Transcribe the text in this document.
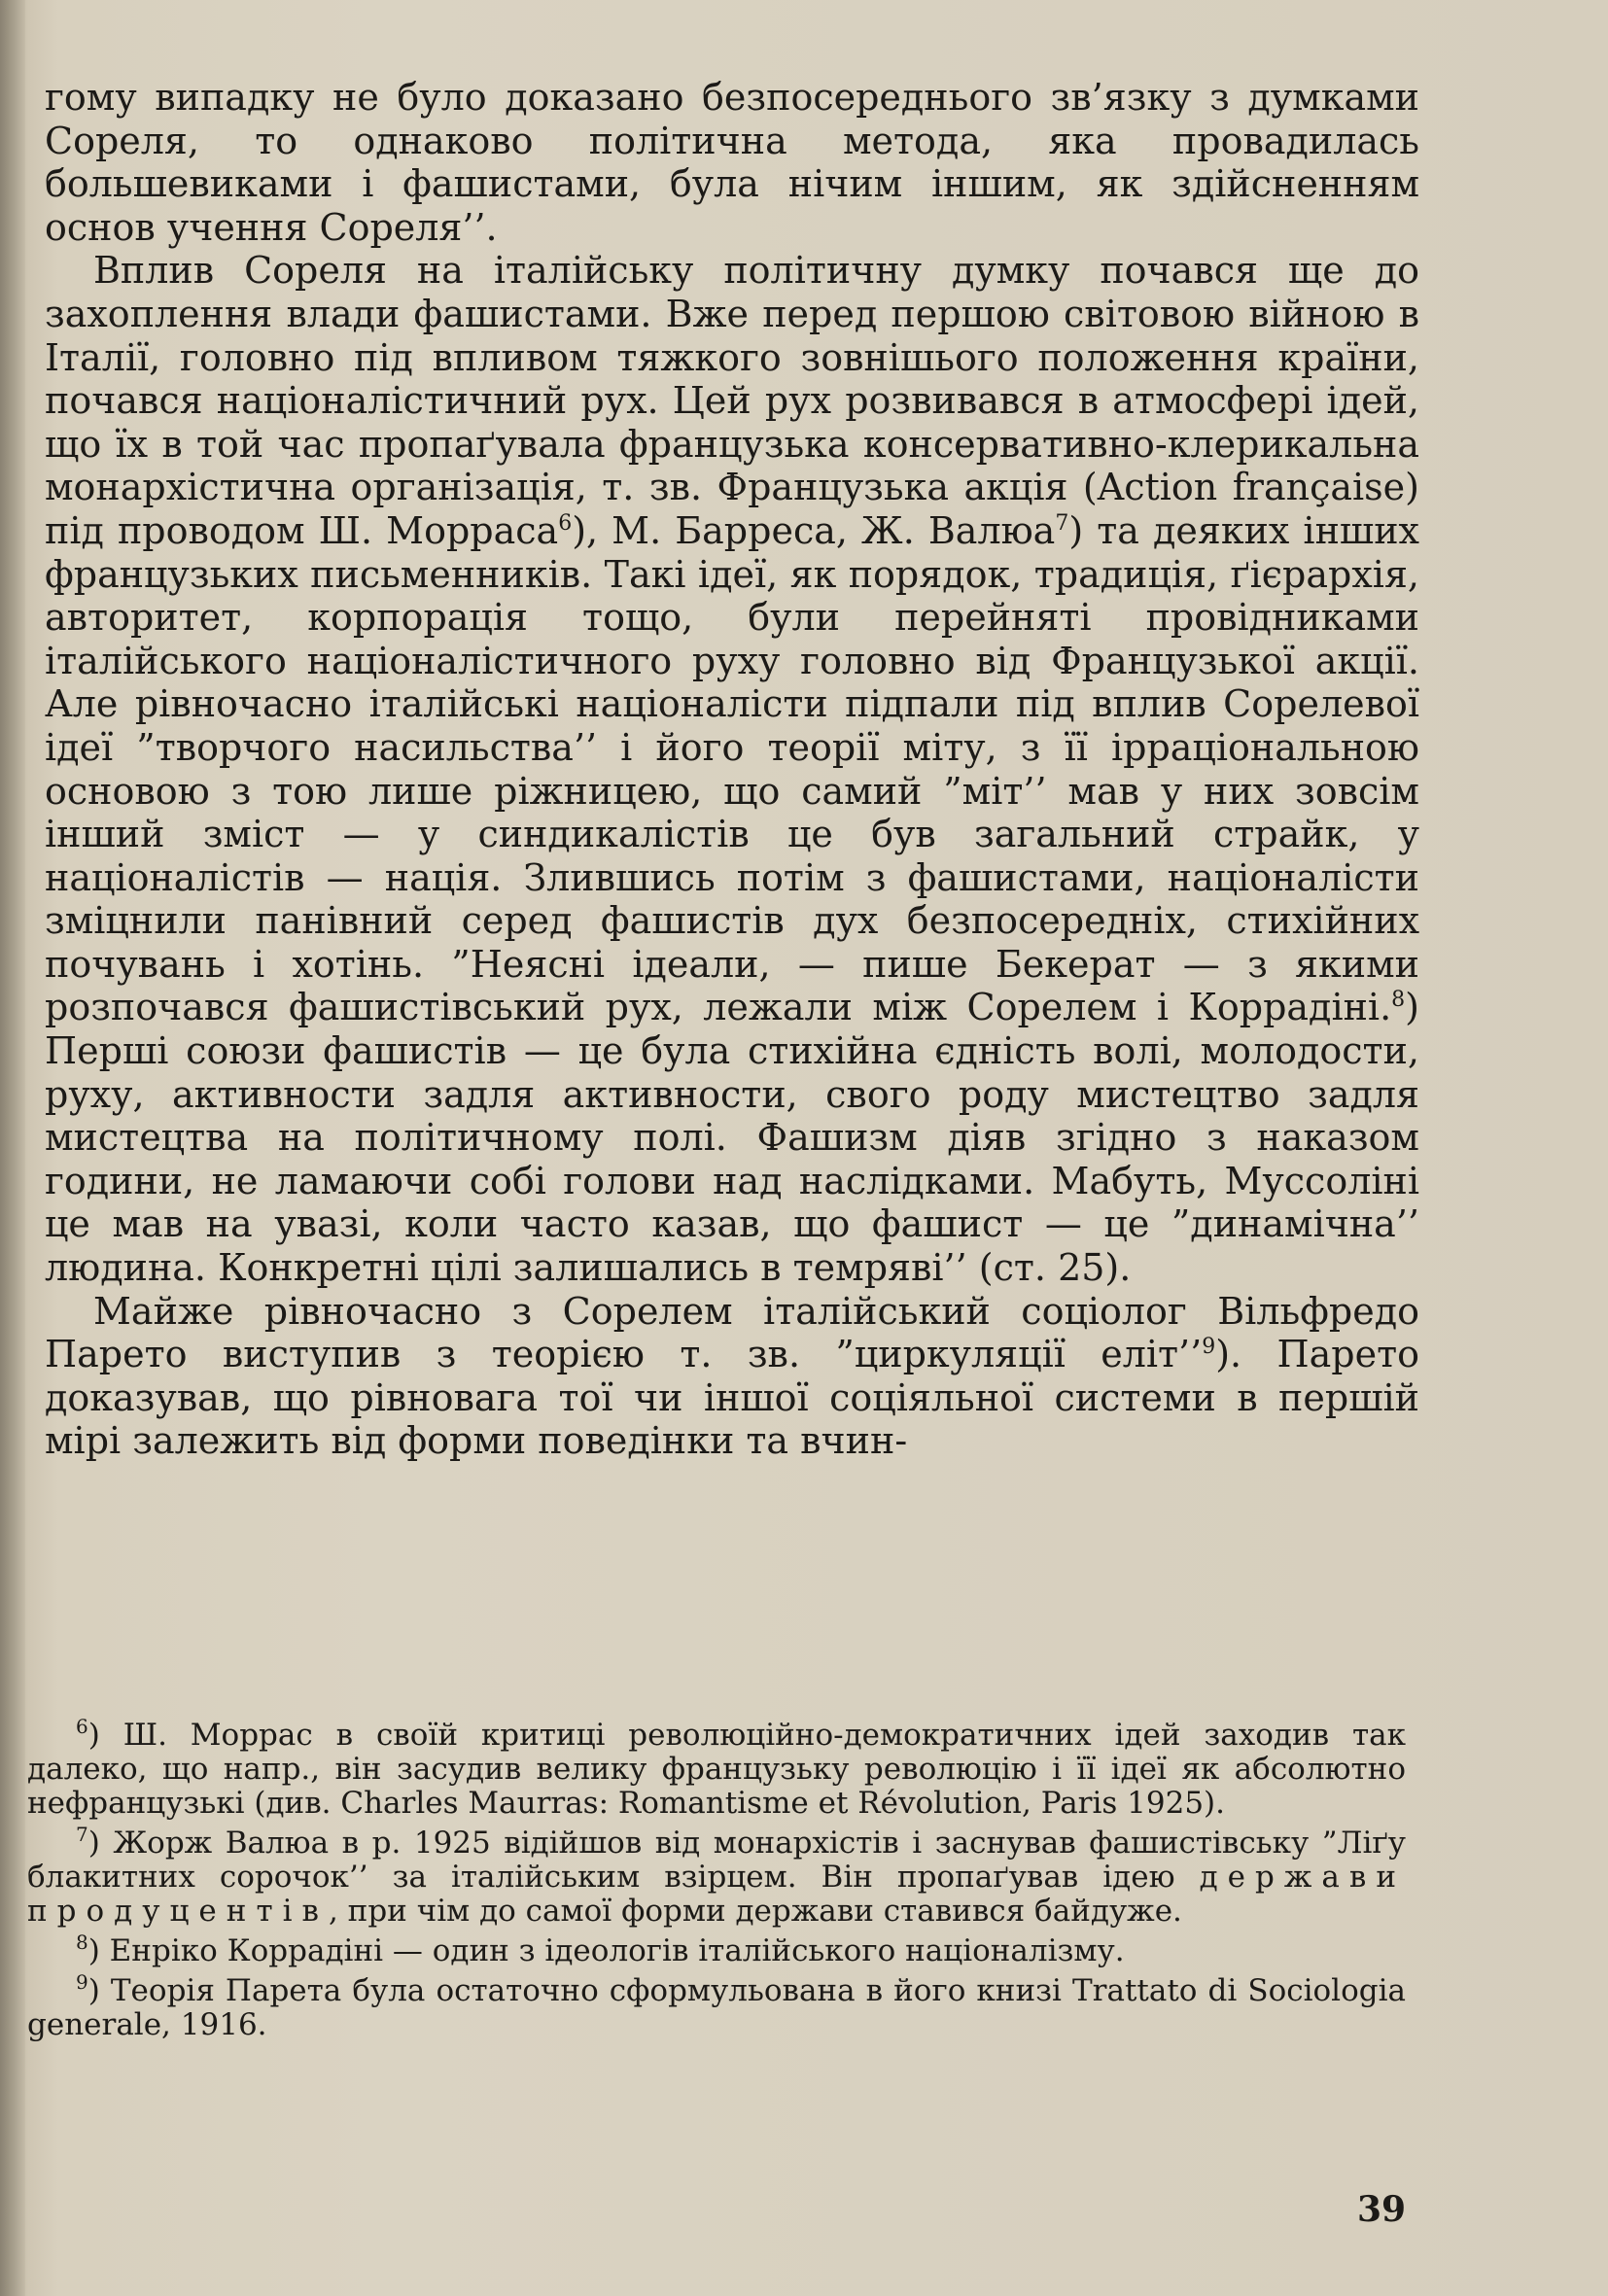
гому випадку не було доказано безпосереднього зв’язку з думками Сореля, то однаково політична метода, яка провадилась большевиками і фашистами, була нічим іншим, як здійсненням основ учення Сореля’’.

Вплив Сореля на італійську політичну думку почався ще до захоплення влади фашистами. Вже перед першою світовою війною в Італії, головно під впливом тяжкого зовнішього положення країни, почався націоналістичний рух. Цей рух розвивався в атмосфері ідей, що їх в той час пропаґувала французька консервативно-клерикальна монархістична організація, т. зв. Французька акція (Action française) під проводом Ш. Морраса$^6$), М. Барреса, Ж. Валюа$^7$) та деяких інших французьких письменників. Такі ідеї, як порядок, традиція, ґієрархія, авторитет, корпорація тощо, були перейняті провідниками італійського націоналістичного руху головно від Французької акції. Але рівночасно італійські націоналісти підпали під вплив Сорелевої ідеї ”творчого насильства’’ і його теорії міту, з її ірраціональною основою з тою лише ріжницею, що самий ”міт’’ мав у них зовсім інший зміст — у синдикалістів це був загальний страйк, у націоналістів — нація. Злившись потім з фашистами, націоналісти зміцнили панівний серед фашистів дух безпосередніх, стихійних почувань і хотінь. ”Неясні ідеали, — пише Бекерат — з якими розпочався фашистівський рух, лежали між Сорелем і Коррадіні.$^8$) Перші союзи фашистів — це була стихійна єдність волі, молодости, руху, активности задля активности, свого роду мистецтво задля мистецтва на політичному полі. Фашизм діяв згідно з наказом години, не ламаючи собі голови над наслідками. Мабуть, Муссоліні це мав на увазі, коли часто казав, що фашист — це ”динамічна’’ людина. Конкретні цілі залишались в темряві’’ (ст. 25).

Майже рівночасно з Сорелем італійський соціолог Вільфредо Парето виступив з теорією т. зв. ”циркуляції еліт’’$^9$). Парето доказував, що рівновага тої чи іншої соціяльної системи в першій мірі залежить від форми поведінки та вчин-

$^6$) Ш. Моррас в своїй критиці революційно-демократичних ідей заходив так далеко, що напр., він засудив велику французьку революцію і її ідеї як абсолютно нефранцузькі (див. Charles Maurras: Romantisme et Révolution, Paris 1925).

$^7$) Жорж Валюа в р. 1925 відійшов від монархістів і заснував фашистівську ”Ліґу блакитних сорочок’’ за італійським взірцем. Він пропаґував ідею держави продуцентів, при чім до самої форми держави ставився байдуже.

$^8$) Енріко Коррадіні — один з ідеологів італійського націоналізму.

$^9$) Теорія Парета була остаточно сформульована в його книзі Trattato di Sociologia generale, 1916.

39
